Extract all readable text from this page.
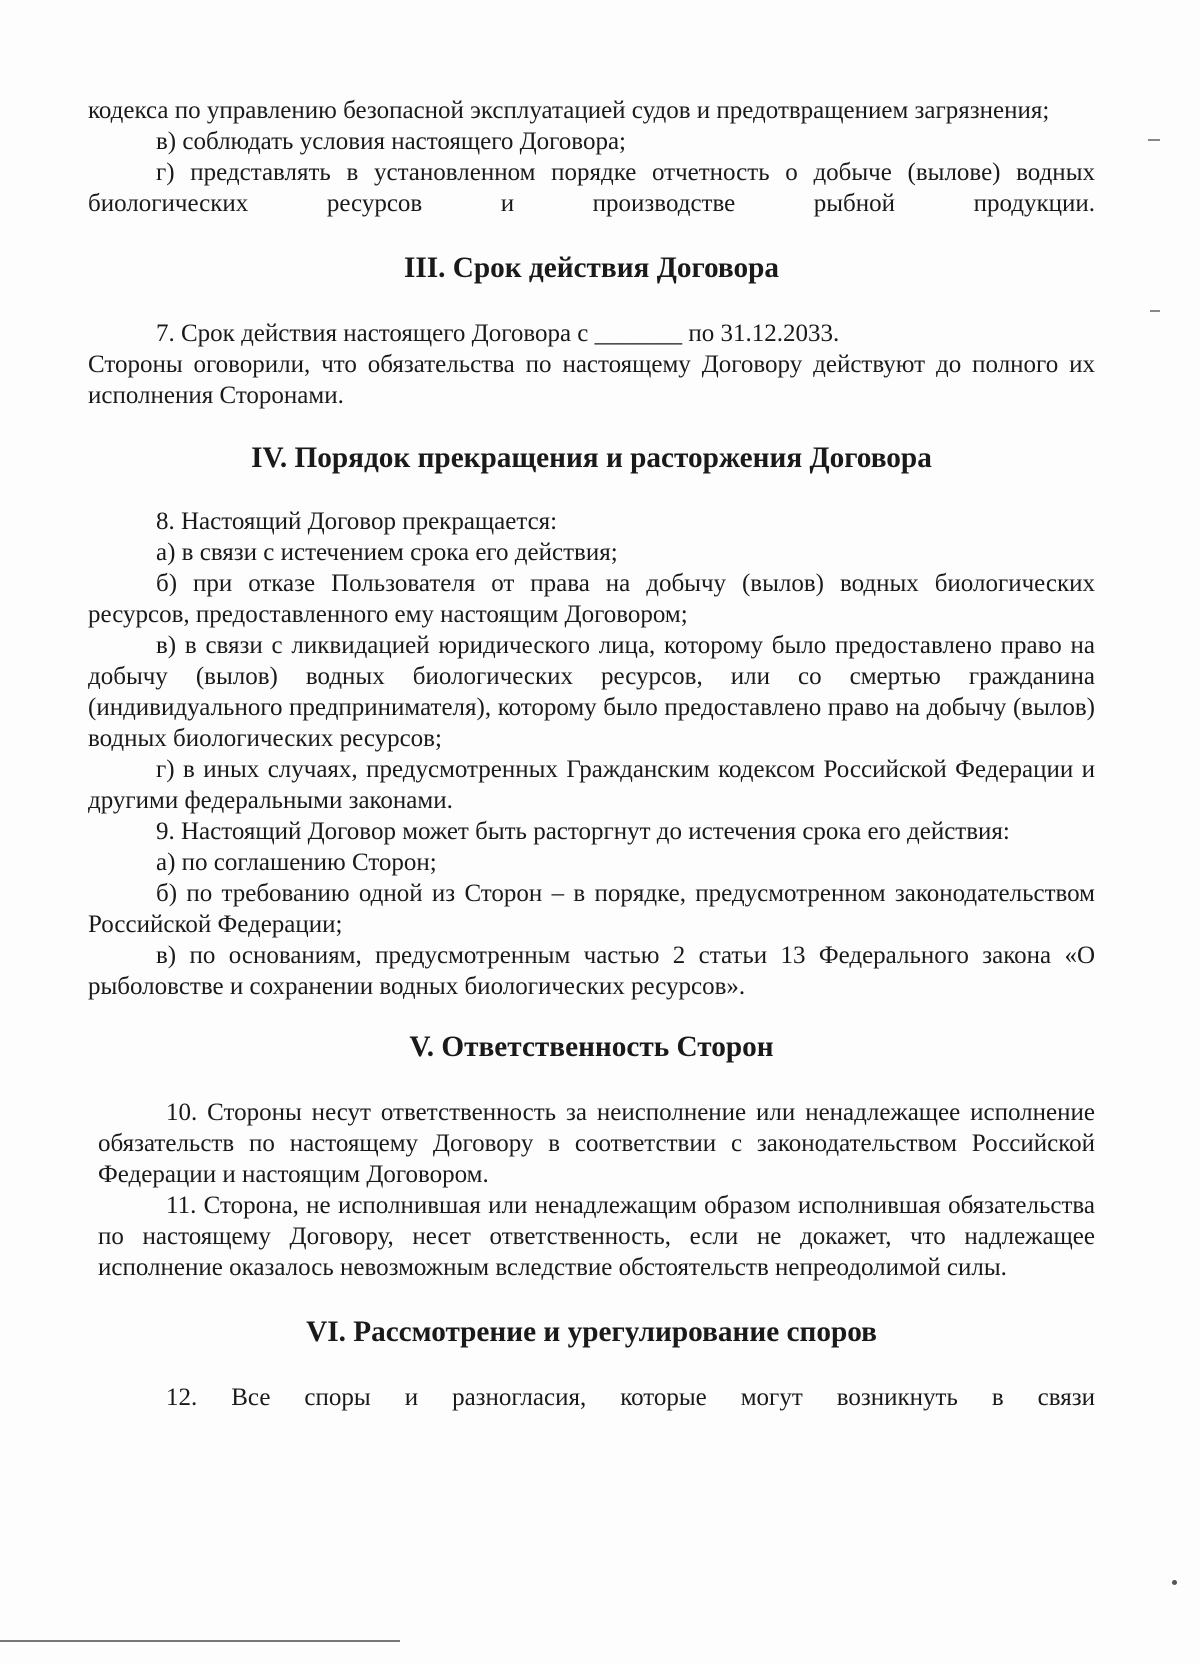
кодекса по управлению безопасной эксплуатацией судов и предотвращением загрязнения;

в) соблюдать условия настоящего Договора;

г) представлять в установленном порядке отчетность о добыче (вылове) водных биологических ресурсов и производстве рыбной продукции.

III. Срок действия Договора

7. Срок действия настоящего Договора с _______ по 31.12.2033.

Стороны оговорили, что обязательства по настоящему Договору действуют до полного их исполнения Сторонами.

IV. Порядок прекращения и расторжения Договора

8. Настоящий Договор прекращается:

а) в связи с истечением срока его действия;

б) при отказе Пользователя от права на добычу (вылов) водных биологических ресурсов, предоставленного ему настоящим Договором;

в) в связи с ликвидацией юридического лица, которому было предоставлено право на добычу (вылов) водных биологических ресурсов, или со смертью гражданина (индивидуального предпринимателя), которому было предоставлено право на добычу (вылов) водных биологических ресурсов;

г) в иных случаях, предусмотренных Гражданским кодексом Российской Федерации и другими федеральными законами.

9. Настоящий Договор может быть расторгнут до истечения срока его действия:

а) по соглашению Сторон;

б) по требованию одной из Сторон – в порядке, предусмотренном законодательством Российской Федерации;

в) по основаниям, предусмотренным частью 2 статьи 13 Федерального закона «О рыболовстве и сохранении водных биологических ресурсов».

V. Ответственность Сторон

10. Стороны несут ответственность за неисполнение или ненадлежащее исполнение обязательств по настоящему Договору в соответствии с законодательством Российской Федерации и настоящим Договором.

11. Сторона, не исполнившая или ненадлежащим образом исполнившая обязательства по настоящему Договору, несет ответственность, если не докажет, что надлежащее исполнение оказалось невозможным вследствие обстоятельств непреодолимой силы.

VI. Рассмотрение и урегулирование споров

12. Все споры и разногласия, которые могут возникнуть в связи
